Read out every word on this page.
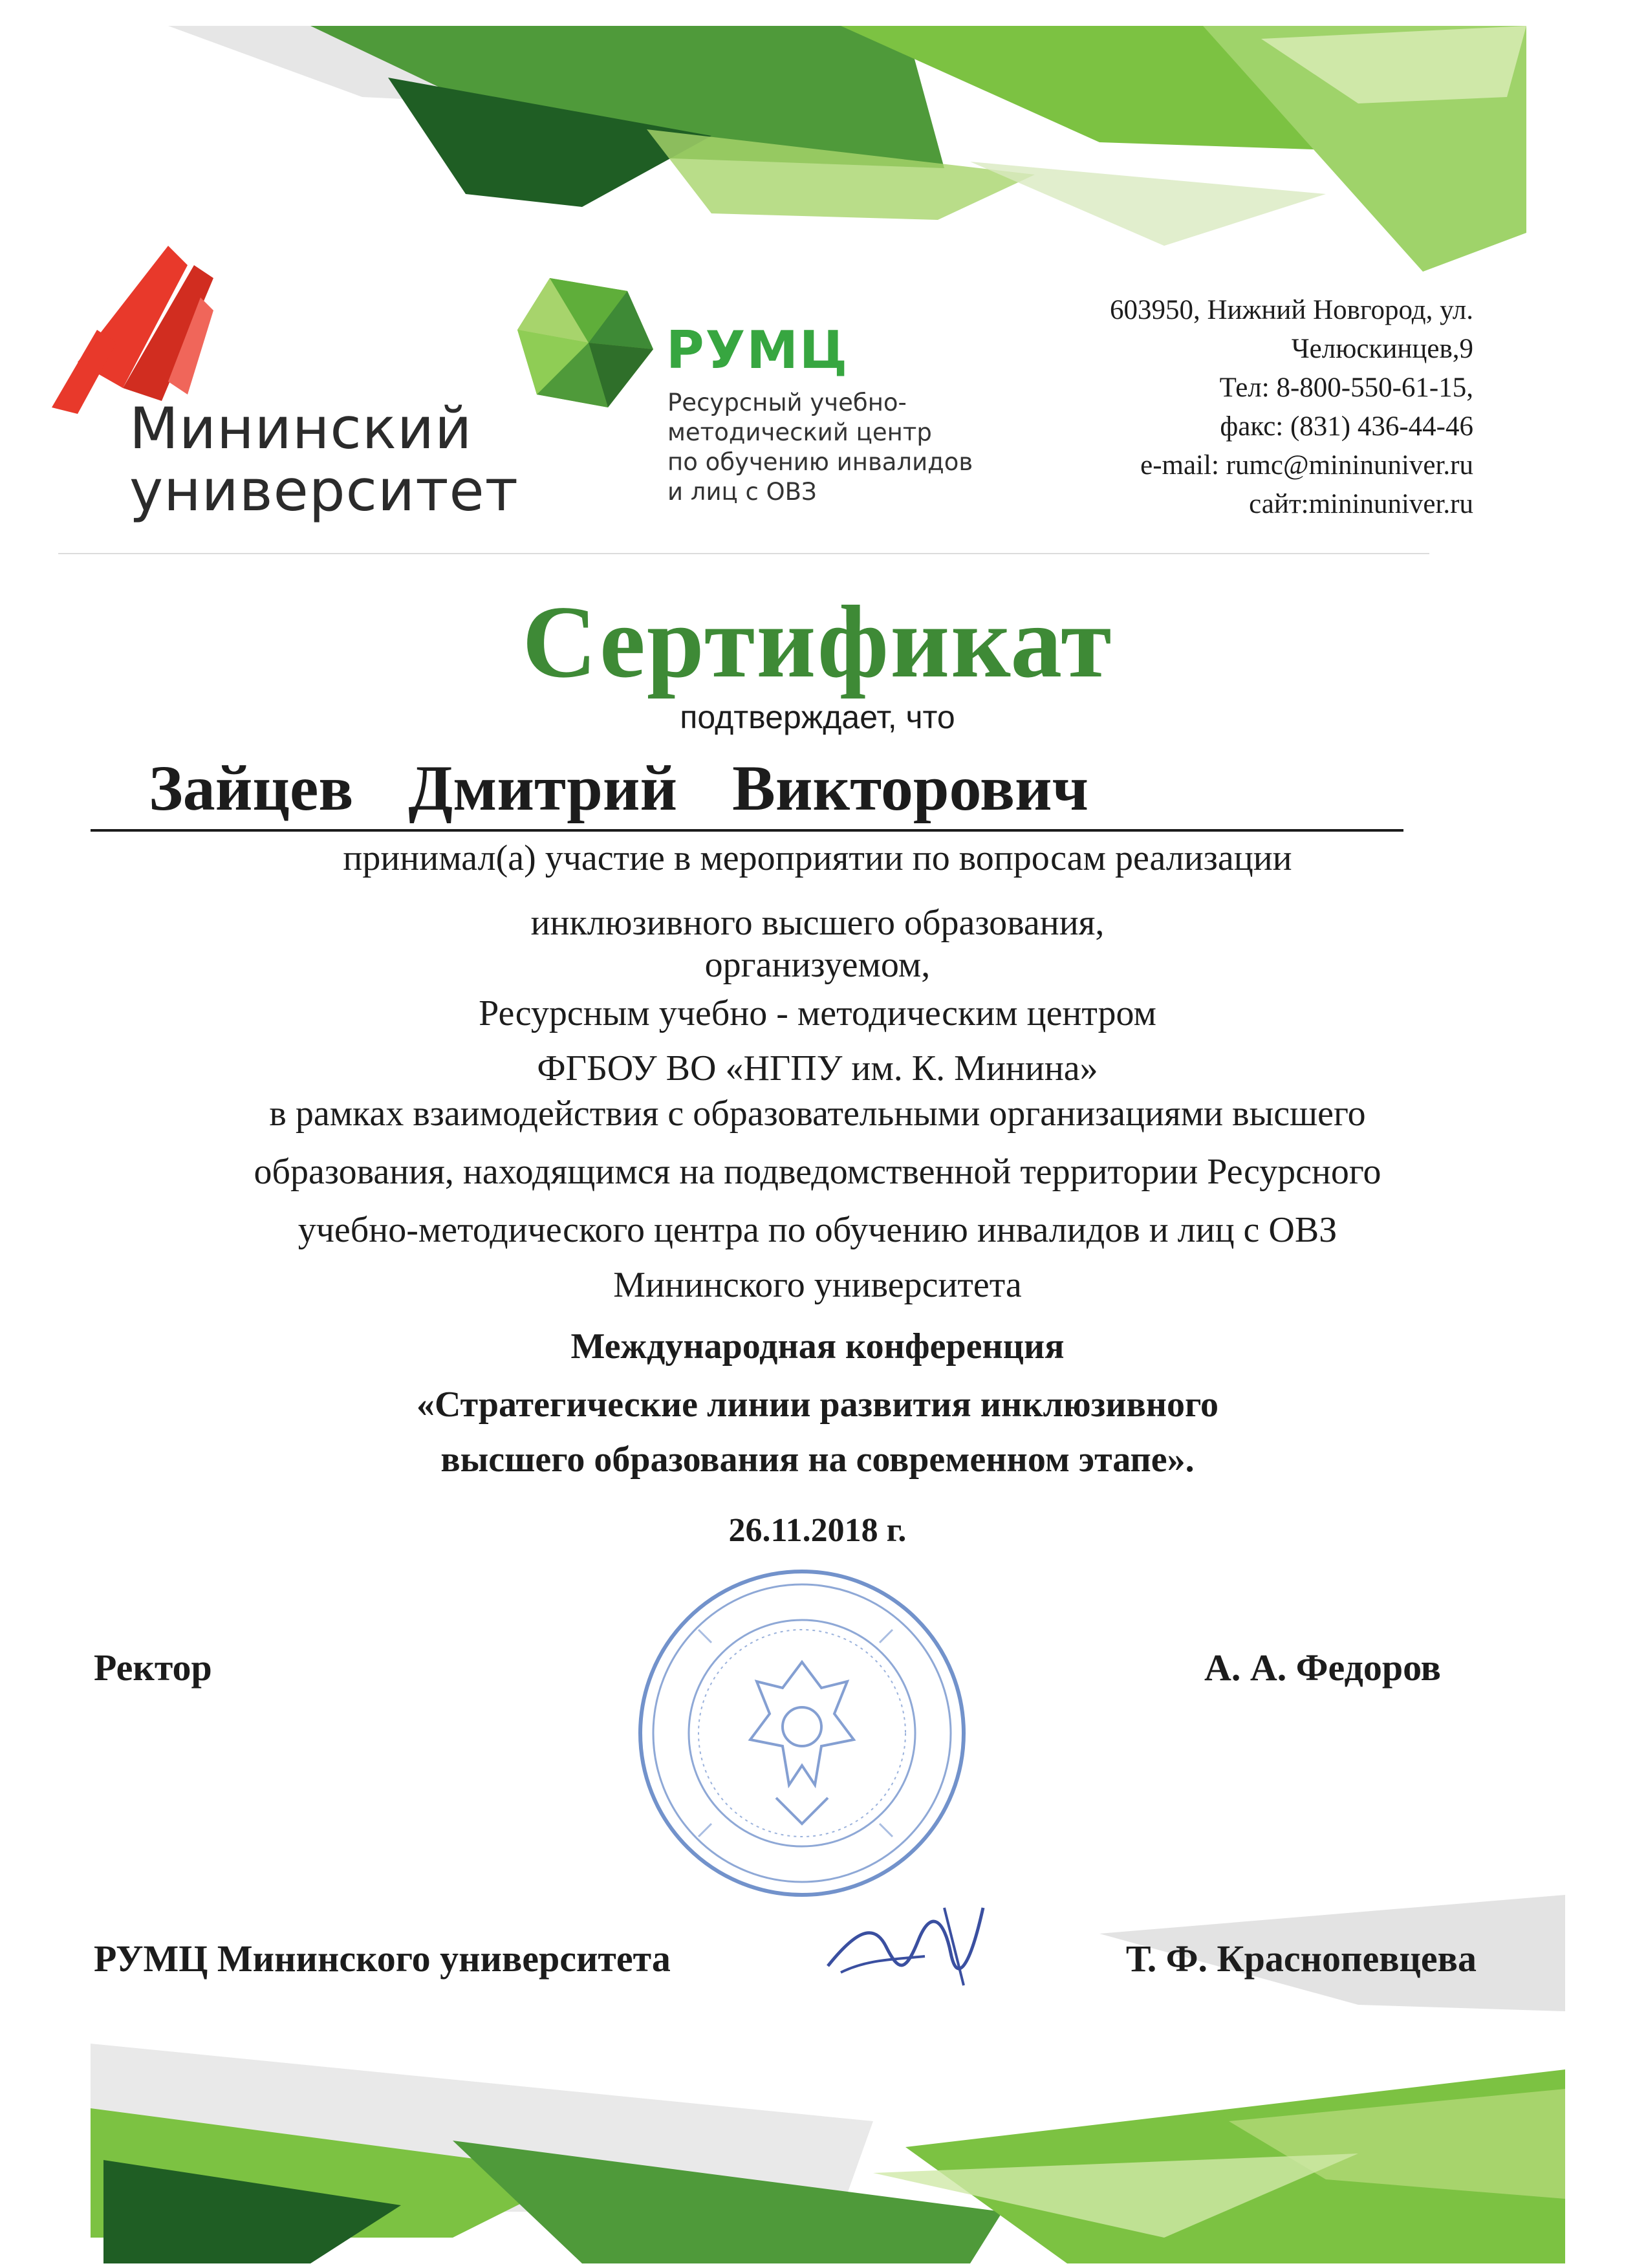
Мининский
университет
РУМЦ
Ресурсный учебно-
методический центр
по обучению инвалидов
и лиц с ОВЗ
603950, Нижний Новгород, ул.
Челюскинцев,9
Тел: 8-800-550-61-15,
факс: (831) 436-44-46
e-mail: rumc@mininuniver.ru
сайт:mininuniver.ru
Сертификат
подтверждает, что
Зайцев Дмитрий Викторович
принимал(а) участие в мероприятии по вопросам реализации
инклюзивного высшего образования,
организуемом,
Ресурсным учебно - методическим центром
ФГБОУ ВО «НГПУ им. К. Минина»
в рамках взаимодействия с образовательными организациями высшего
образования, находящимся на подведомственной территории Ресурсного
учебно-методического центра по обучению инвалидов и лиц с ОВЗ
Мининского университета
Международная конференция
«Стратегические линии развития инклюзивного
высшего образования на современном этапе».
26.11.2018 г.
Ректор	А. А. Федоров
РУМЦ Мининского университета	Т. Ф. Краснопевцева
